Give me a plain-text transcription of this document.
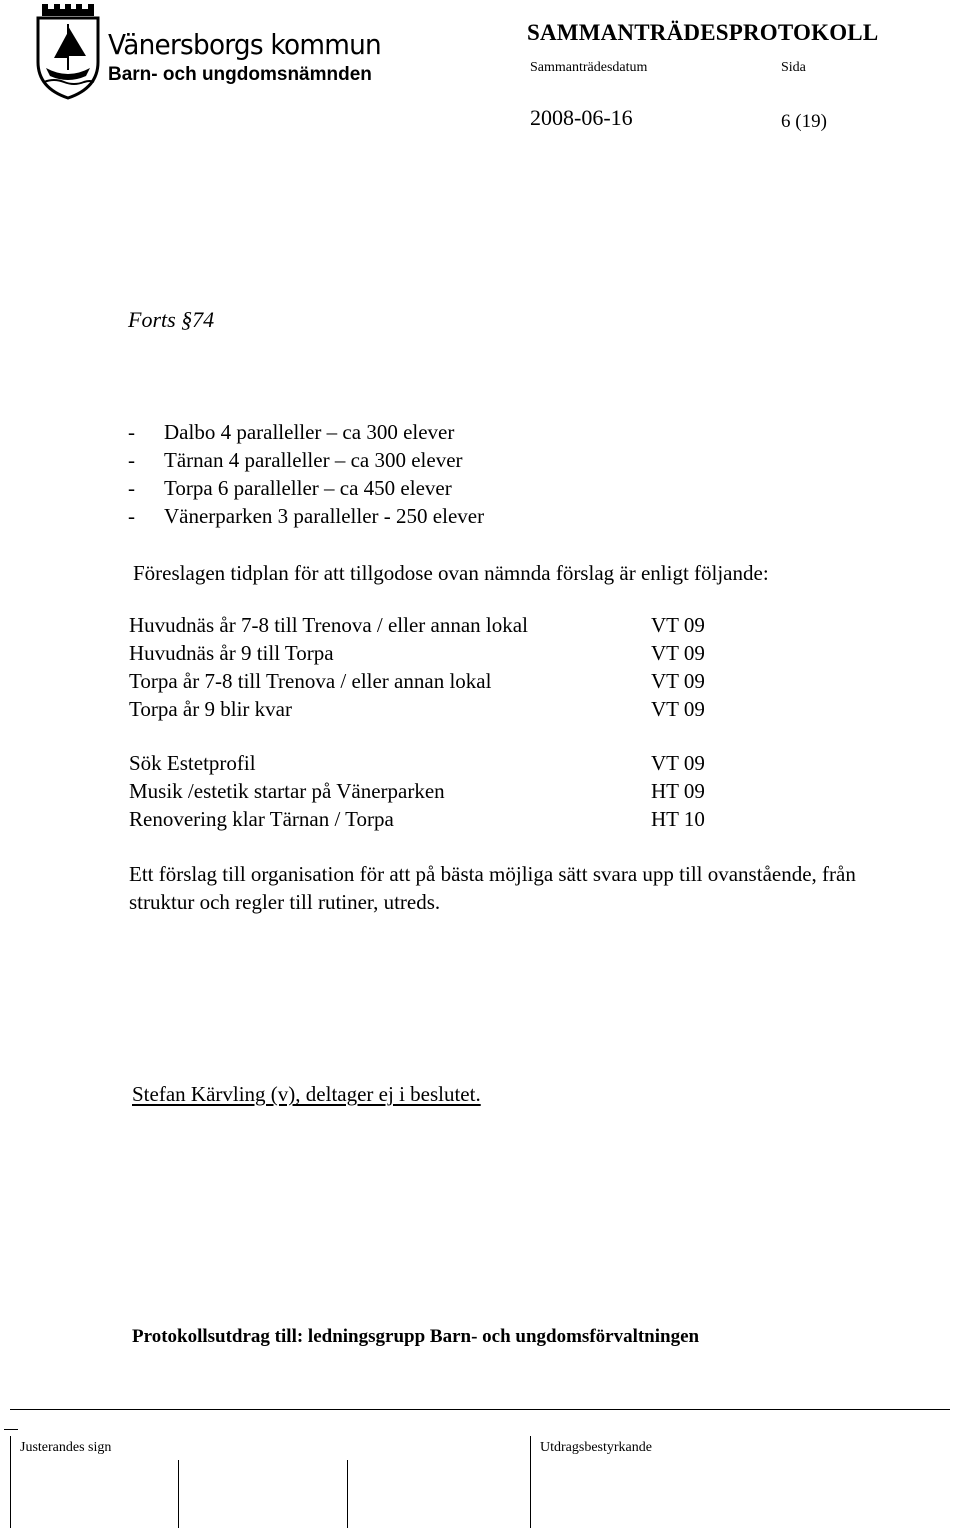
Vänersborgs kommun
Barn- och ungdomsnämnden
SAMMANTRÄDESPROTOKOLL
Sammanträdesdatum	Sida
2008-06-16	6 (19)
Forts §74
- Dalbo 4 paralleller – ca 300 elever
- Tärnan 4 paralleller – ca 300 elever
- Torpa 6 paralleller – ca 450 elever
- Vänerparken 3 paralleller - 250 elever
Föreslagen tidplan för att tillgodose ovan nämnda förslag är enligt följande:
Huvudnäs år 7-8 till Trenova / eller annan lokal	VT 09
Huvudnäs år 9 till Torpa	VT 09
Torpa år 7-8 till Trenova / eller annan lokal	VT 09
Torpa år 9 blir kvar	VT 09
Sök Estetprofil	VT 09
Musik /estetik startar på Vänerparken	HT 09
Renovering klar Tärnan / Torpa	HT 10
Ett förslag till organisation för att på bästa möjliga sätt svara upp till ovanstående, från
struktur och regler till rutiner, utreds.
Stefan Kärvling (v), deltager ej i beslutet.
Protokollsutdrag till: ledningsgrupp Barn- och ungdomsförvaltningen
Justerandes sign	Utdragsbestyrkande
